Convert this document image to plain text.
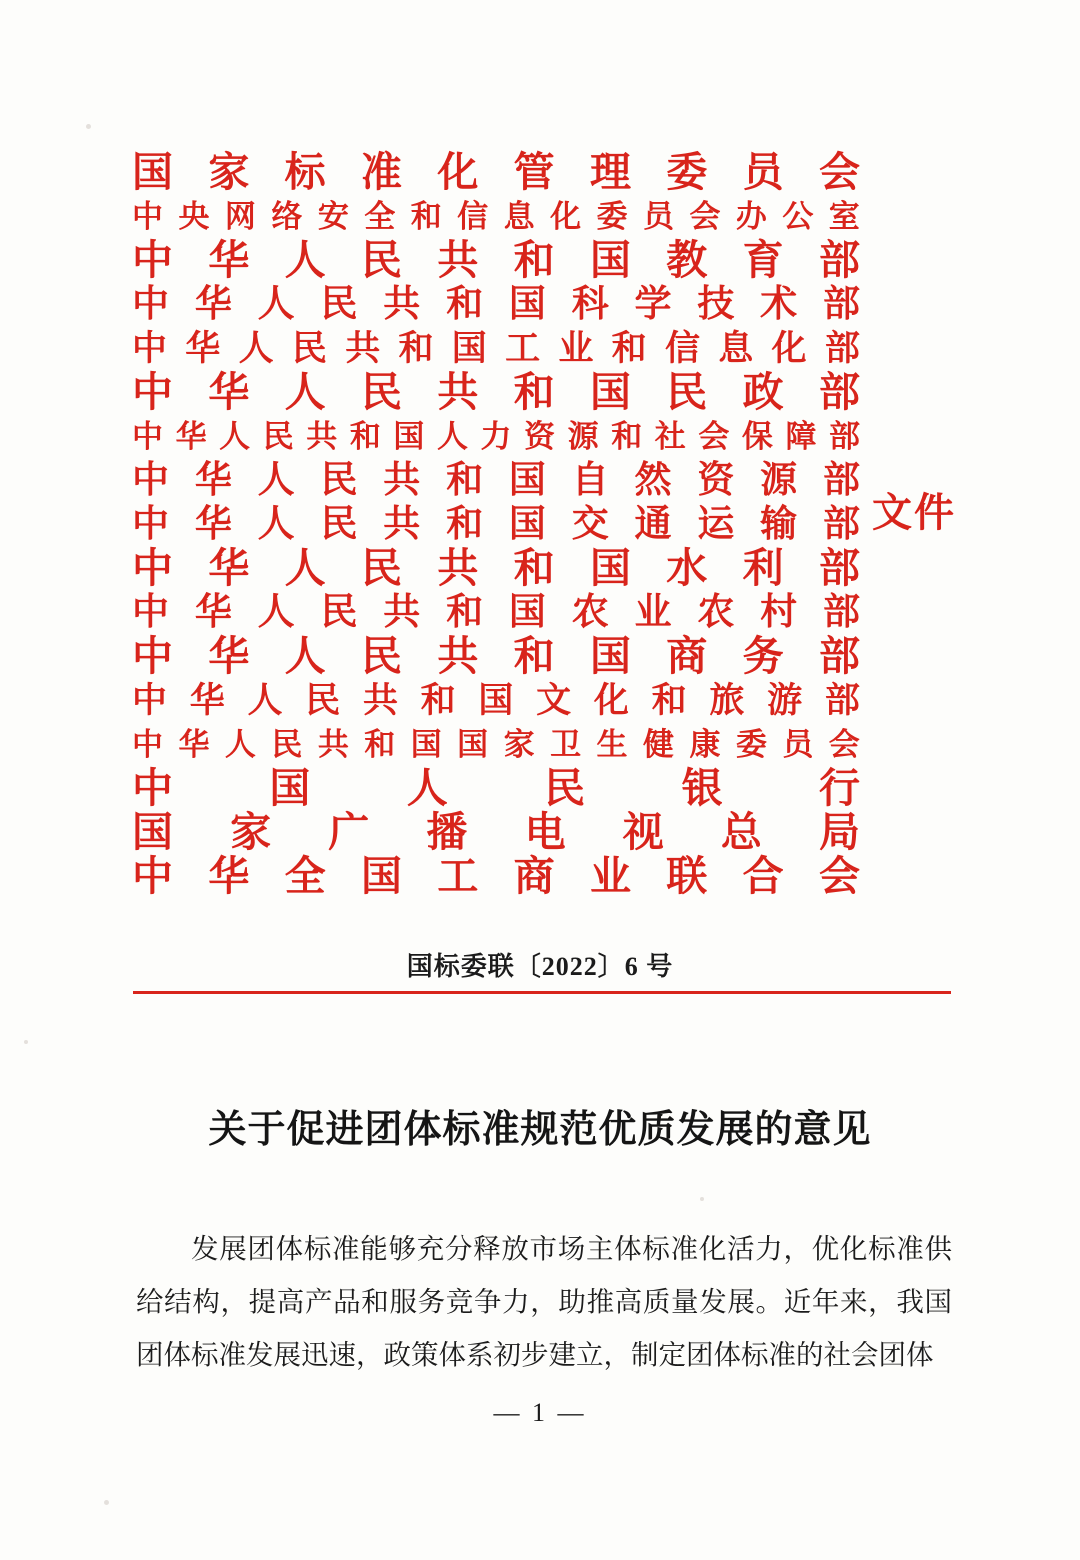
国 家 标 准 化 管 理 委 员 会
中 央 网 络 安 全 和 信 息 化 委 员 会 办 公 室
中 华 人 民 共 和 国 教 育 部
中 华 人 民 共 和 国 科 学 技 术 部
中 华 人 民 共 和 国 工 业 和 信 息 化 部
中 华 人 民 共 和 国 民 政 部
中 华 人 民 共 和 国 人 力 资 源 和 社 会 保 障 部
中 华 人 民 共 和 国 自 然 资 源 部
中 华 人 民 共 和 国 交 通 运 输 部
中 华 人 民 共 和 国 水 利 部
中 华 人 民 共 和 国 农 业 农 村 部
中 华 人 民 共 和 国 商 务 部
中 华 人 民 共 和 国 文 化 和 旅 游 部
中 华 人 民 共 和 国 国 家 卫 生 健 康 委 员 会
中 国 人 民 银 行
国 家 广 播 电 视 总 局
中 华 全 国 工 商 业 联 合 会
文件
国标委联〔2022〕6 号
关于促进团体标准规范优质发展的意见

发展团体标准能够充分释放市场主体标准化活力，优化标准供给结构，提高产品和服务竞争力，助推高质量发展。近年来，我国团体标准发展迅速，政策体系初步建立，制定团体标准的社会团体

— 1 —
